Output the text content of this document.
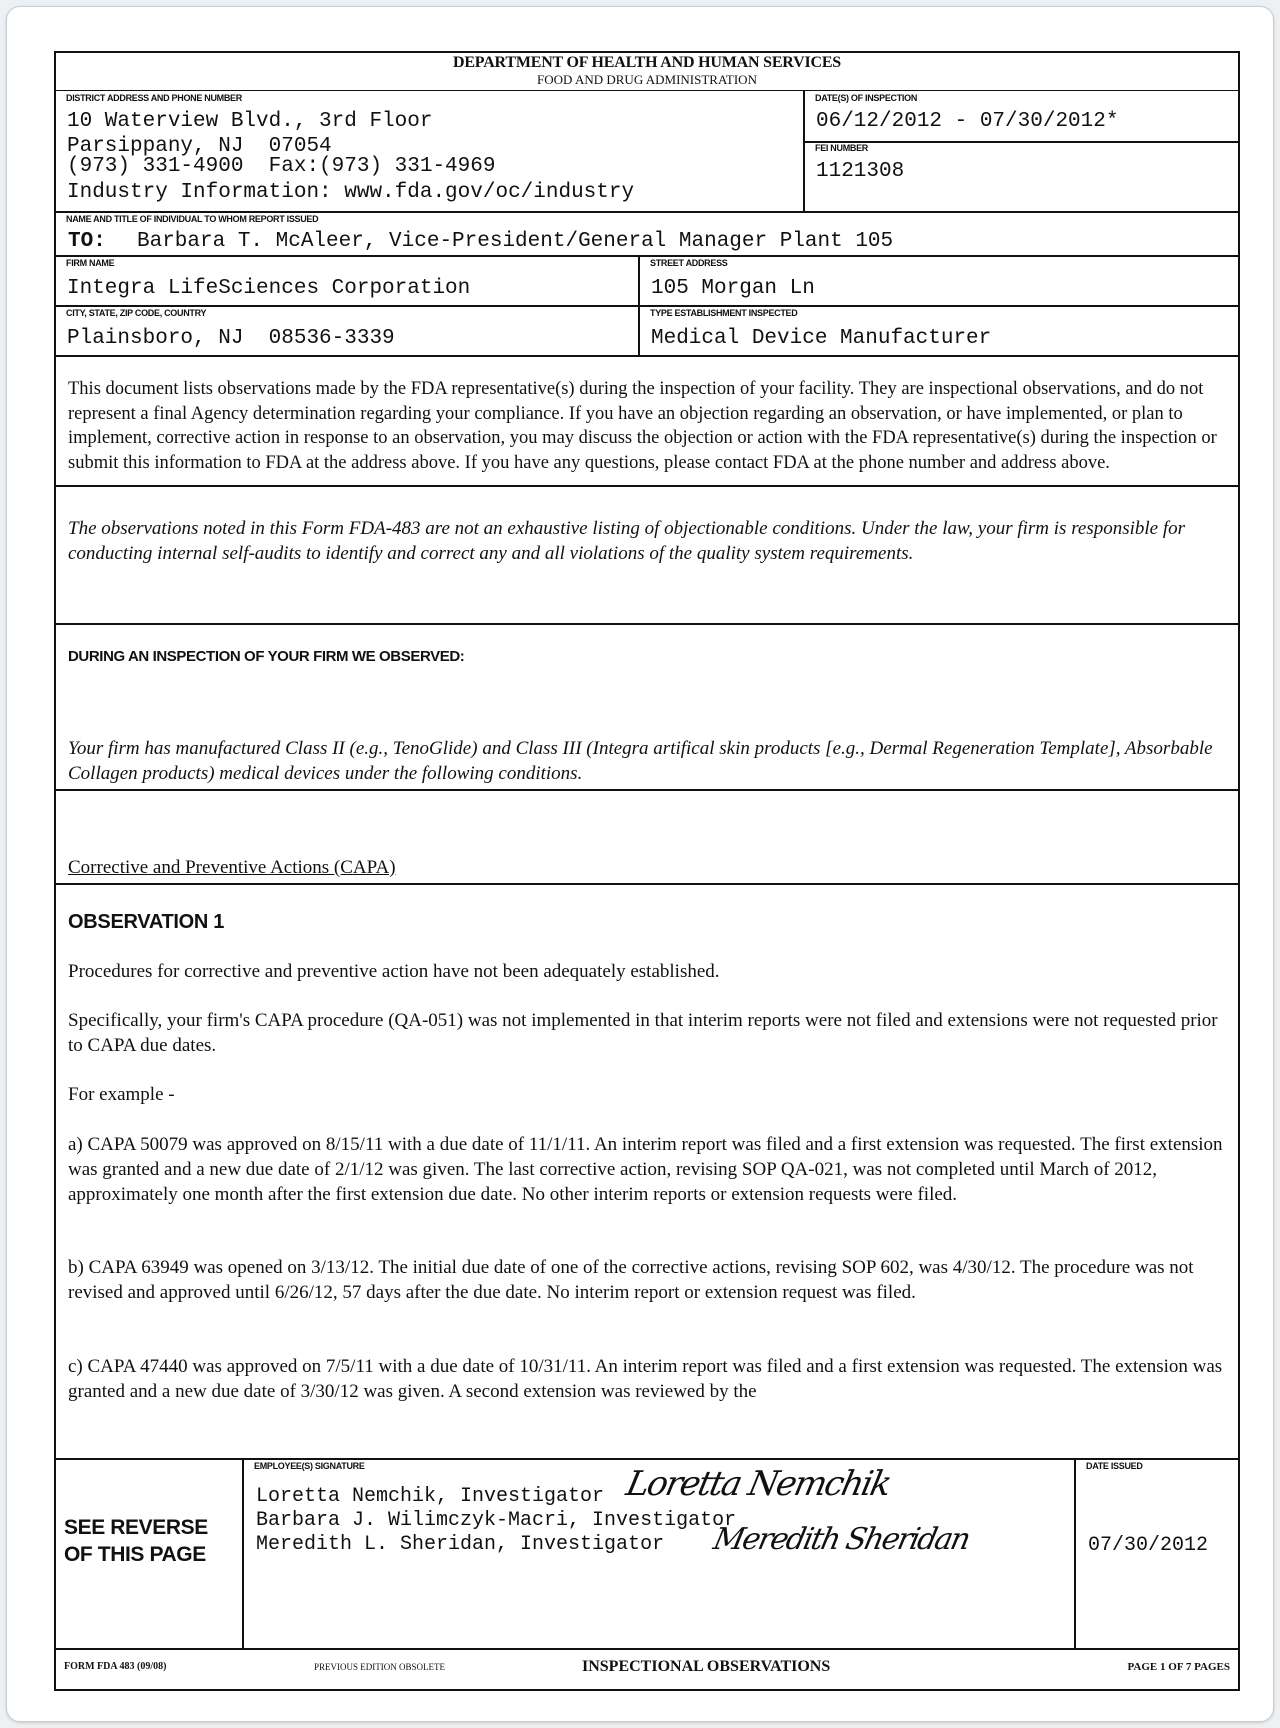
DEPARTMENT OF HEALTH AND HUMAN SERVICES
FOOD AND DRUG ADMINISTRATION
DISTRICT ADDRESS AND PHONE NUMBER
10 Waterview Blvd., 3rd Floor
Parsippany, NJ  07054
(973) 331-4900  Fax:(973) 331-4969
Industry Information: www.fda.gov/oc/industry
DATE(S) OF INSPECTION
06/12/2012 - 07/30/2012*
FEI NUMBER
1121308
NAME AND TITLE OF INDIVIDUAL TO WHOM REPORT ISSUED
TO: Barbara T. McAleer, Vice-President/General Manager Plant 105
FIRM NAME
Integra LifeSciences Corporation
STREET ADDRESS
105 Morgan Ln
CITY, STATE, ZIP CODE, COUNTRY
Plainsboro, NJ  08536-3339
TYPE ESTABLISHMENT INSPECTED
Medical Device Manufacturer

This document lists observations made by the FDA representative(s) during the inspection of your facility. They are inspectional observations, and do not represent a final Agency determination regarding your compliance. If you have an objection regarding an observation, or have implemented, or plan to implement, corrective action in response to an observation, you may discuss the objection or action with the FDA representative(s) during the inspection or submit this information to FDA at the address above. If you have any questions, please contact FDA at the phone number and address above.

The observations noted in this Form FDA-483 are not an exhaustive listing of objectionable conditions. Under the law, your firm is responsible for conducting internal self-audits to identify and correct any and all violations of the quality system requirements.

DURING AN INSPECTION OF YOUR FIRM WE OBSERVED:

Your firm has manufactured Class II (e.g., TenoGlide) and Class III (Integra artifical skin products [e.g., Dermal Regeneration Template], Absorbable Collagen products) medical devices under the following conditions.

Corrective and Preventive Actions (CAPA)
OBSERVATION 1

Procedures for corrective and preventive action have not been adequately established.

Specifically, your firm's CAPA procedure (QA-051) was not implemented in that interim reports were not filed and extensions were not requested prior to CAPA due dates.

For example -

a) CAPA 50079 was approved on 8/15/11 with a due date of 11/1/11. An interim report was filed and a first extension was requested. The first extension was granted and a new due date of 2/1/12 was given. The last corrective action, revising SOP QA-021, was not completed until March of 2012, approximately one month after the first extension due date. No other interim reports or extension requests were filed.

b) CAPA 63949 was opened on 3/13/12. The initial due date of one of the corrective actions, revising SOP 602, was 4/30/12. The procedure was not revised and approved until 6/26/12, 57 days after the due date. No interim report or extension request was filed.

c) CAPA 47440 was approved on 7/5/11 with a due date of 10/31/11. An interim report was filed and a first extension was requested. The extension was granted and a new due date of 3/30/12 was given. A second extension was reviewed by the

SEE REVERSE OF THIS PAGE
EMPLOYEE(S) SIGNATURE
Loretta Nemchik, Investigator
Barbara J. Wilimczyk-Macri, Investigator
Meredith L. Sheridan, Investigator
Loretta Nemchik
Meredith Sheridan
DATE ISSUED
07/30/2012
FORM FDA 483 (09/08)	PREVIOUS EDITION OBSOLETE	INSPECTIONAL OBSERVATIONS	PAGE 1 OF 7 PAGES
